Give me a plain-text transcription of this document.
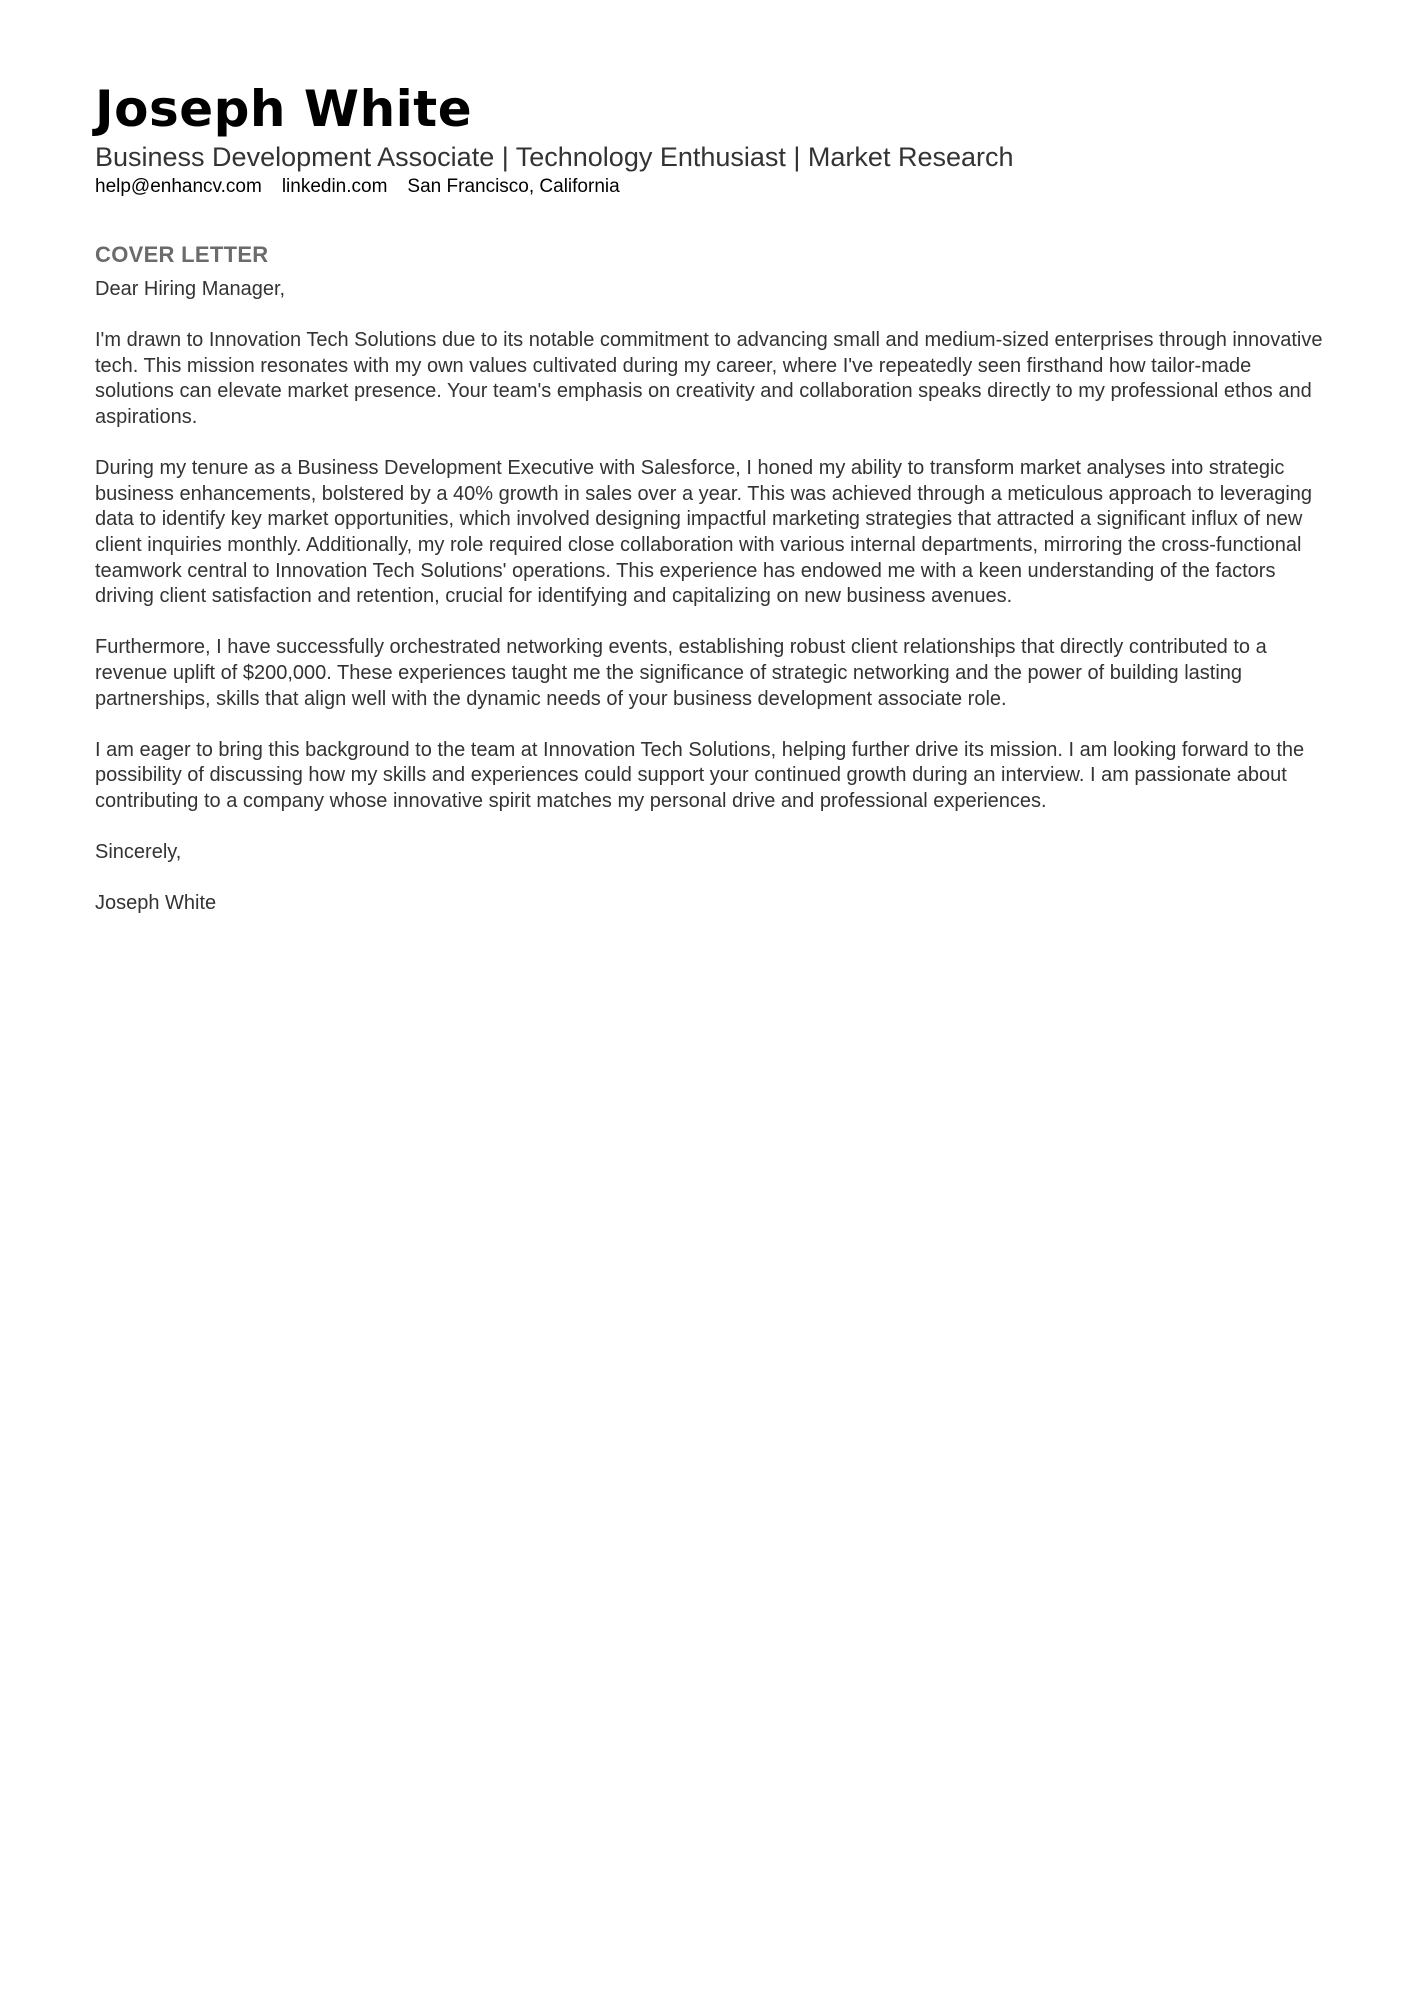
Joseph White
Business Development Associate | Technology Enthusiast | Market Research
help@enhancv.com linkedin.com San Francisco, California
COVER LETTER

Dear Hiring Manager,

I'm drawn to Innovation Tech Solutions due to its notable commitment to advancing small and medium-sized enterprises through innovative tech. This mission resonates with my own values cultivated during my career, where I've repeatedly seen firsthand how tailor-made solutions can elevate market presence. Your team's emphasis on creativity and collaboration speaks directly to my professional ethos and aspirations.

During my tenure as a Business Development Executive with Salesforce, I honed my ability to transform market analyses into strategic business enhancements, bolstered by a 40% growth in sales over a year. This was achieved through a meticulous approach to leveraging data to identify key market opportunities, which involved designing impactful marketing strategies that attracted a significant influx of new client inquiries monthly. Additionally, my role required close collaboration with various internal departments, mirroring the cross-functional teamwork central to Innovation Tech Solutions' operations. This experience has endowed me with a keen understanding of the factors driving client satisfaction and retention, crucial for identifying and capitalizing on new business avenues.

Furthermore, I have successfully orchestrated networking events, establishing robust client relationships that directly contributed to a revenue uplift of $200,000. These experiences taught me the significance of strategic networking and the power of building lasting partnerships, skills that align well with the dynamic needs of your business development associate role.

I am eager to bring this background to the team at Innovation Tech Solutions, helping further drive its mission. I am looking forward to the possibility of discussing how my skills and experiences could support your continued growth during an interview. I am passionate about contributing to a company whose innovative spirit matches my personal drive and professional experiences.

Sincerely,

Joseph White
